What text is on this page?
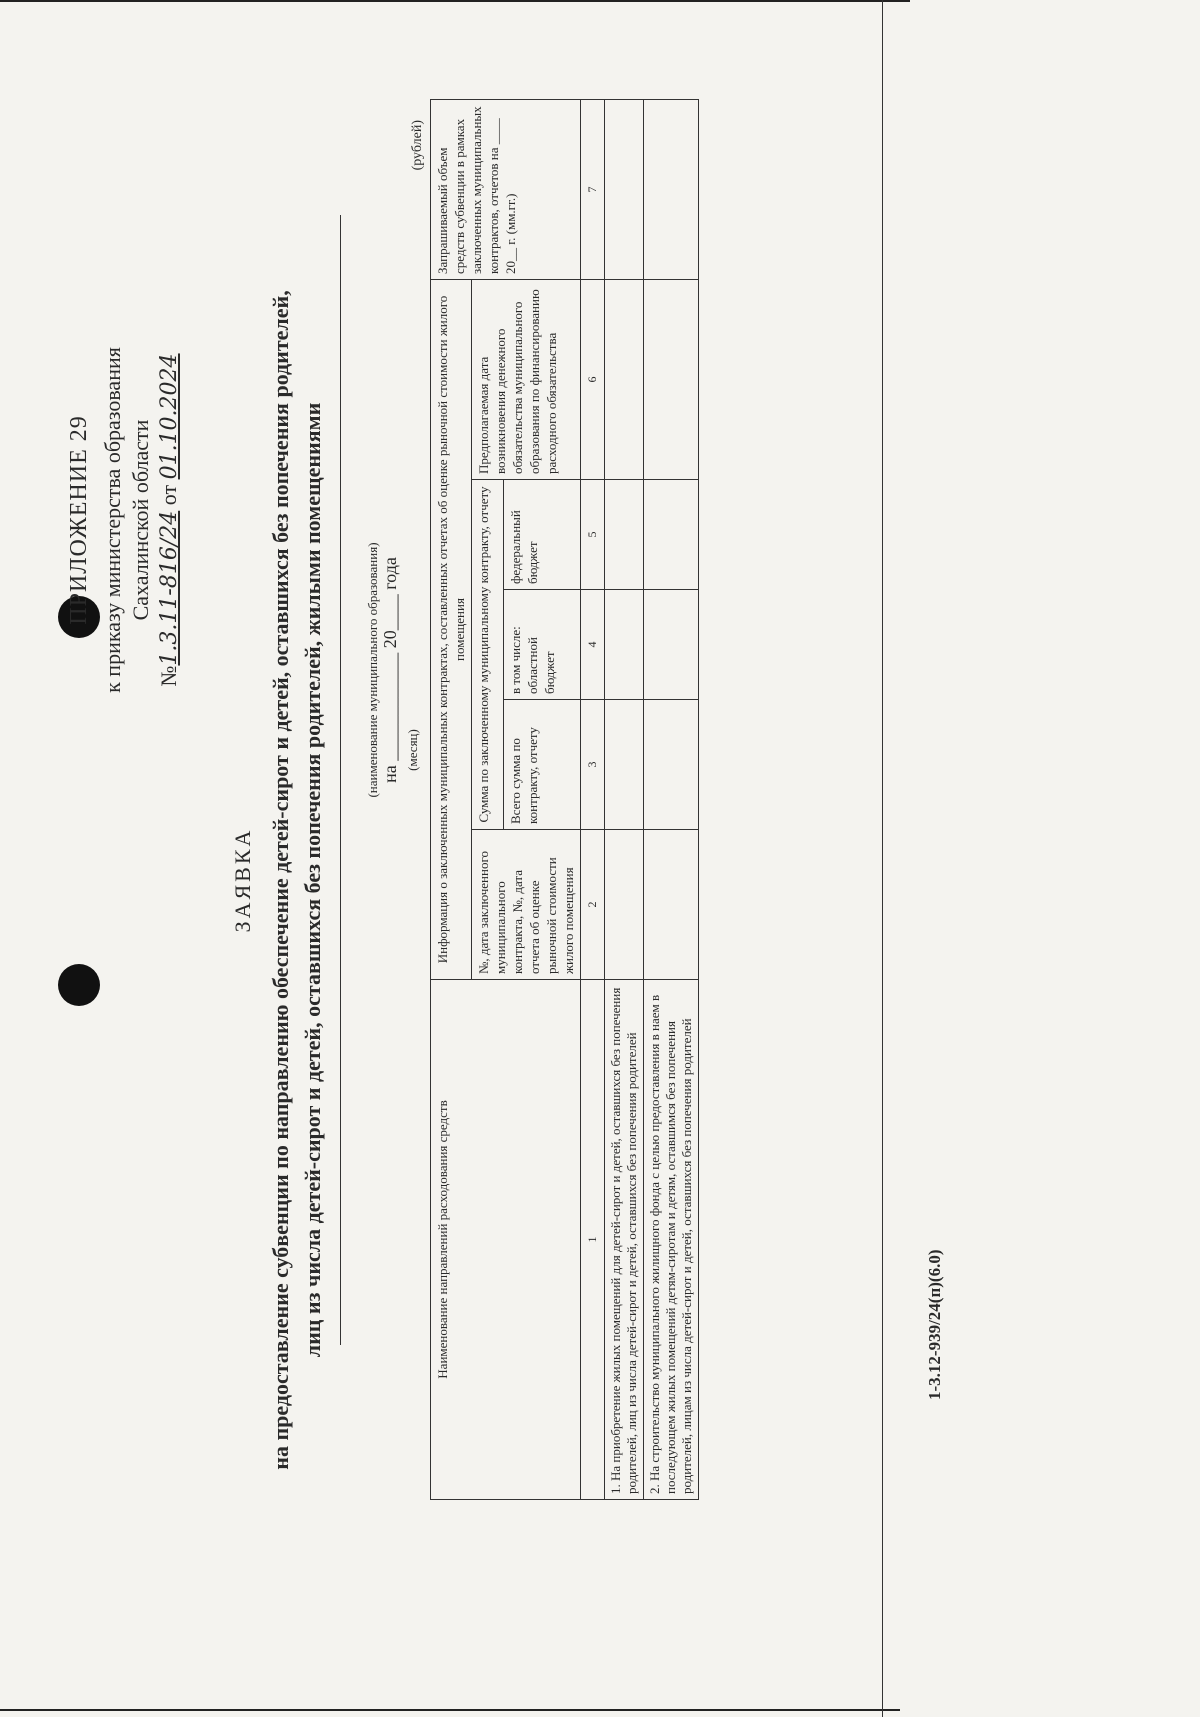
ПРИЛОЖЕНИЕ 29 к приказу министерства образования Сахалинской области
№1.3.11-816/24 от 01.10.2024
ЗАЯВКА на предоставление субвенции по направлению обеспечение детей-сирот и детей, оставшихся без попечения родителей, лиц из числа детей-сирот и детей, оставшихся без попечения родителей, жилыми помещениями	(наименование муниципального образования) на ____________ 20____ года (месяц)
(рублей)
Наименование направлений расходования средств	Информация о заключенных муниципальных контрактах, составленных отчетах об оценке рыночной стоимости жилого помещения					Запрашиваемый объем средств субвенции в рамках заключенных муниципальных контрактов, отчетов на ____ 20__ г. (мм.гг.)
	№, дата заключенного муниципального контракта, №, дата отчета об оценке рыночной стоимости жилого помещения	Сумма по заключенному муниципальному контракту, отчету			Предполагаемая дата возникновения денежного обязательства муниципального образования по финансированию расходного обязательства	
		Всего сумма по контракту, отчету	в том числе: областной бюджет	федеральный бюджет		
1	2	3	4	5	6	7
1. На приобретение жилых помещений для детей-сирот и детей, оставшихся без попечения родителей, лиц из числа детей-сирот и детей, оставшихся без попечения родителей						
2. На строительство муниципального жилищного фонда с целью предоставления в наем в последующем жилых помещений детям-сиротам и детям, оставшимся без попечения родителей, лицам из числа детей-сирот и детей, оставшихся без попечения родителей							1-3.12-939/24(п)(6.0)
